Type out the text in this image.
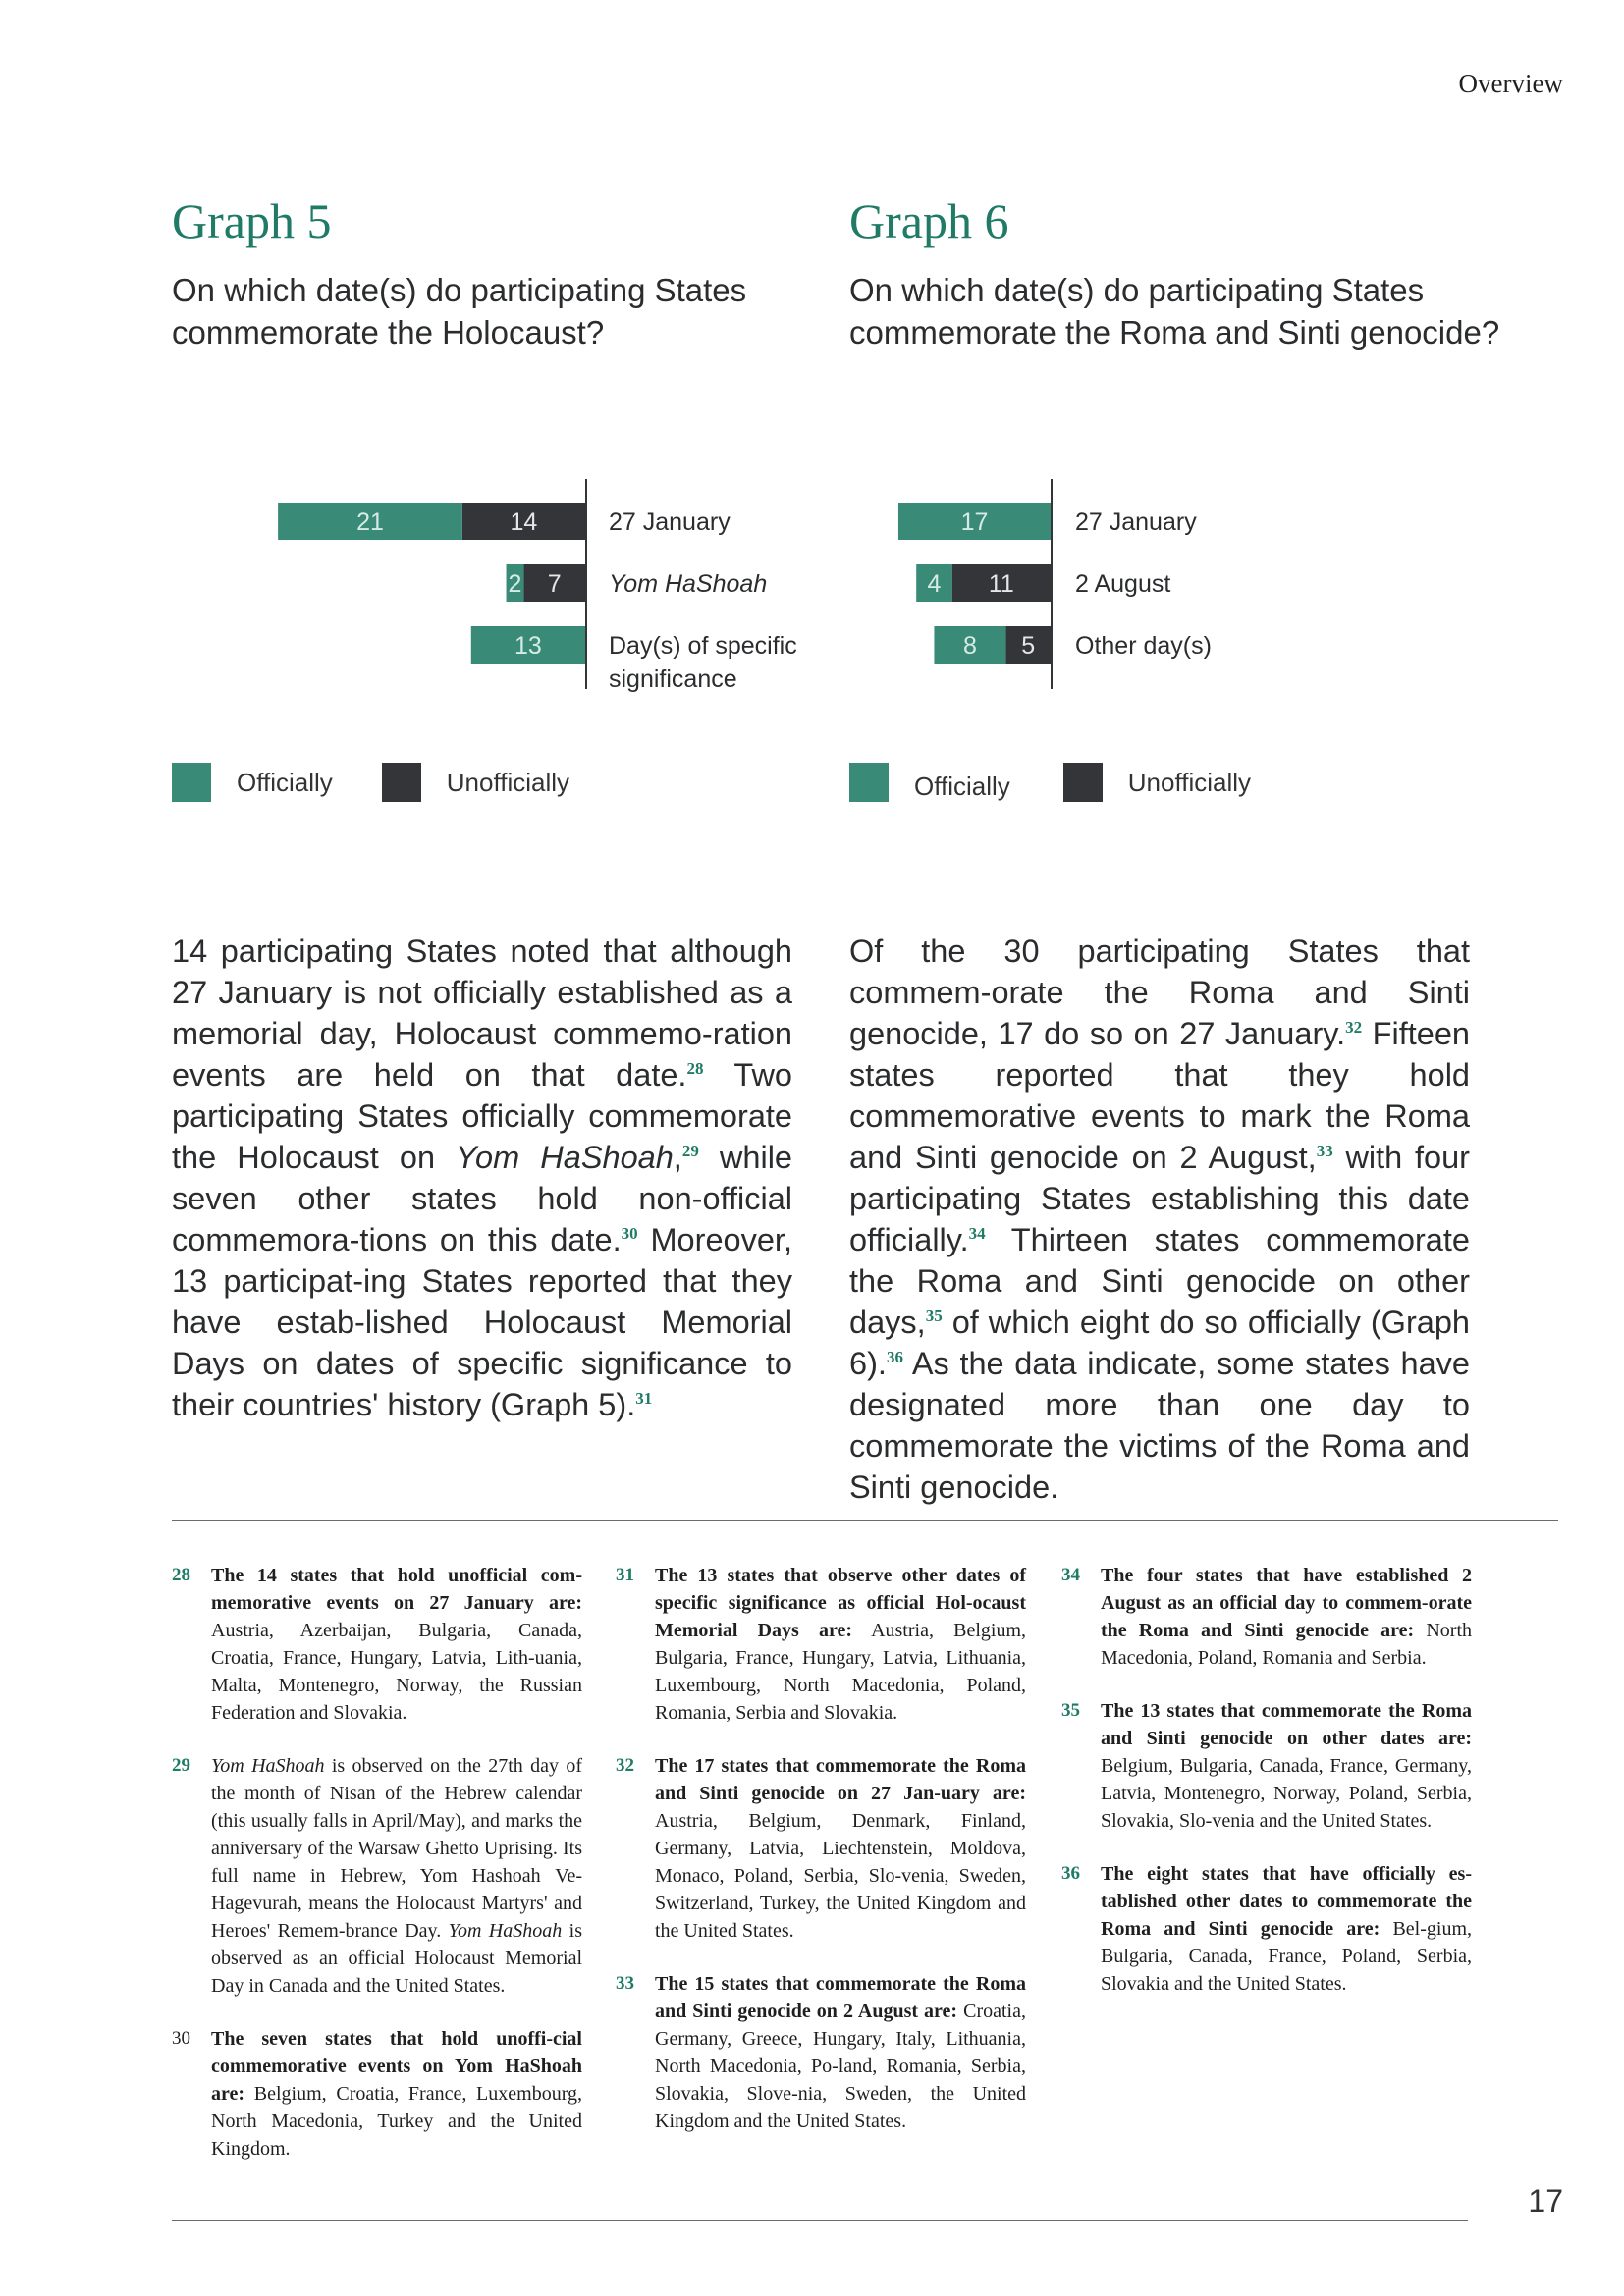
Overview
Graph 5
On which date(s) do participating States commemorate the Holocaust?
Graph 6
On which date(s) do participating States commemorate the Roma and Sinti genocide?
14
21	27 January
7
2	Yom HaShoah
13	Day(s) of specific significance
17	27 January
11
4	2 August
5
8	Other day(s)
Officially	Unofficially	Officially	Unofficially

14 participating States noted that although 27 January is not officially established as a memorial day, Holocaust commemo-ration events are held on that date.$^{28}$ Two participating States officially commemorate the Holocaust on Yom HaShoah,$^{29}$ while seven other states hold non-official commemora-tions on this date.$^{30}$ Moreover, 13 participat-ing States reported that they have estab-lished Holocaust Memorial Days on dates of specific significance to their countries' history (Graph 5).$^{31}$

Of the 30 participating States that commem-orate the Roma and Sinti genocide, 17 do so on 27 January.$^{32}$ Fifteen states reported that they hold commemorative events to mark the Roma and Sinti genocide on 2 August,$^{33}$ with four participating States establishing this date officially.$^{34}$ Thirteen states commemorate the Roma and Sinti genocide on other days,$^{35}$ of which eight do so officially (Graph 6).$^{36}$ As the data indicate, some states have designated more than one day to commemorate the victims of the Roma and Sinti genocide.

28 The 14 states that hold unofficial com-memorative events on 27 January are: Austria, Azerbaijan, Bulgaria, Canada, Croatia, France, Hungary, Latvia, Lith-uania, Malta, Montenegro, Norway, the Russian Federation and Slovakia.
29 Yom HaShoah is observed on the 27th day of the month of Nisan of the Hebrew calendar (this usually falls in April/May), and marks the anniversary of the Warsaw Ghetto Uprising. Its full name in Hebrew, Yom Hashoah Ve-Hagevurah, means the Holocaust Martyrs' and Heroes' Remem-brance Day. Yom HaShoah is observed as an official Holocaust Memorial Day in Canada and the United States.
30 The seven states that hold unoffi-cial commemorative events on Yom HaShoah are: Belgium, Croatia, France, Luxembourg, North Macedonia, Turkey and the United Kingdom.
31 The 13 states that observe other dates of specific significance as official Hol-ocaust Memorial Days are: Austria, Belgium, Bulgaria, France, Hungary, Latvia, Lithuania, Luxembourg, North Macedonia, Poland, Romania, Serbia and Slovakia.
32 The 17 states that commemorate the Roma and Sinti genocide on 27 Jan-uary are: Austria, Belgium, Denmark, Finland, Germany, Latvia, Liechtenstein, Moldova, Monaco, Poland, Serbia, Slo-venia, Sweden, Switzerland, Turkey, the United Kingdom and the United States.
33 The 15 states that commemorate the Roma and Sinti genocide on 2 August are: Croatia, Germany, Greece, Hungary, Italy, Lithuania, North Macedonia, Po-land, Romania, Serbia, Slovakia, Slove-nia, Sweden, the United Kingdom and the United States.
34 The four states that have established 2 August as an official day to commem-orate the Roma and Sinti genocide are: North Macedonia, Poland, Romania and Serbia.
35 The 13 states that commemorate the Roma and Sinti genocide on other dates are: Belgium, Bulgaria, Canada, France, Germany, Latvia, Montenegro, Norway, Poland, Serbia, Slovakia, Slo-venia and the United States.
36 The eight states that have officially es-tablished other dates to commemorate the Roma and Sinti genocide are: Bel-gium, Bulgaria, Canada, France, Poland, Serbia, Slovakia and the United States.
17
